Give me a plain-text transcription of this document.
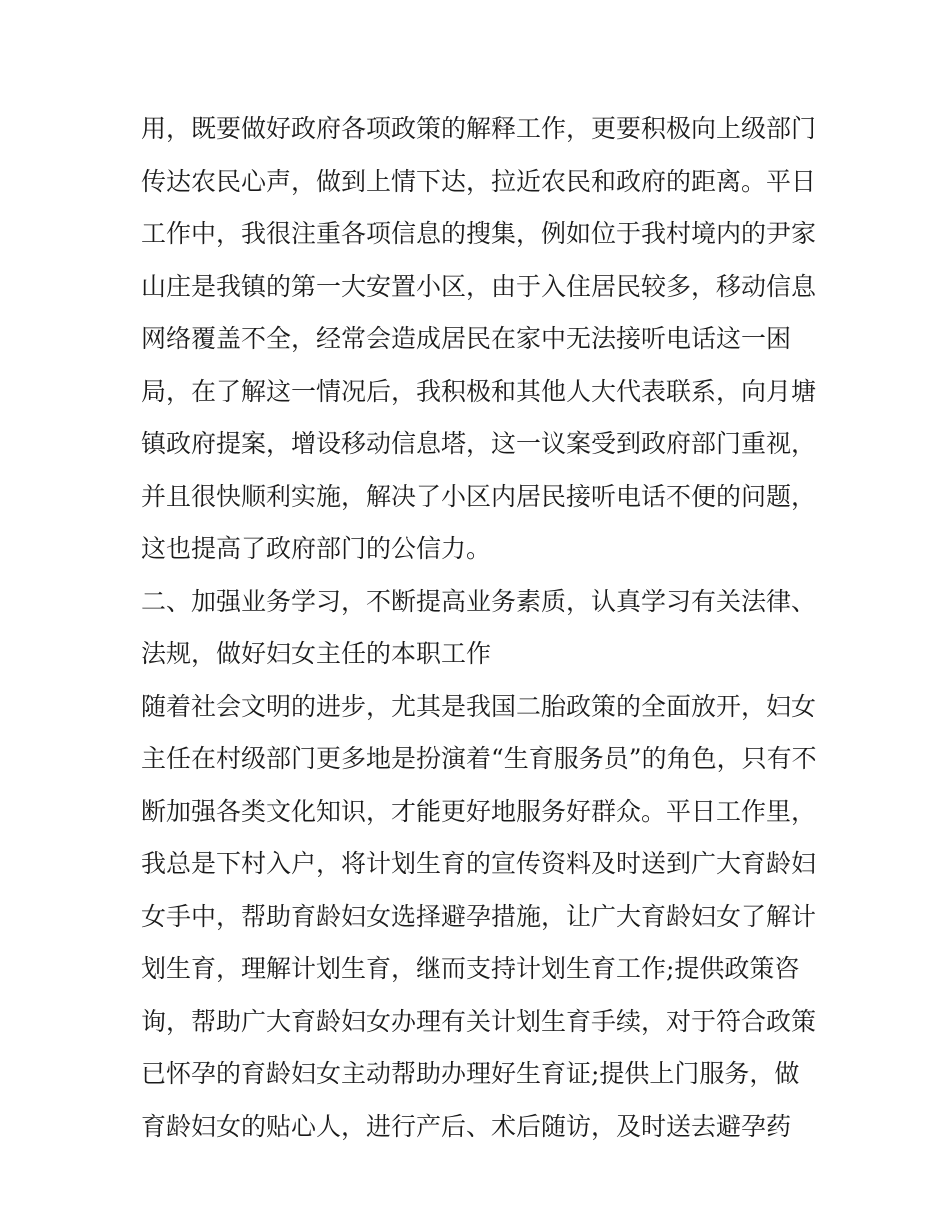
用，既要做好政府各项政策的解释工作，更要积极向上级部门
传达农民心声，做到上情下达，拉近农民和政府的距离。平日
工作中，我很注重各项信息的搜集，例如位于我村境内的尹家
山庄是我镇的第一大安置小区，由于入住居民较多，移动信息
网络覆盖不全，经常会造成居民在家中无法接听电话这一困
局，在了解这一情况后，我积极和其他人大代表联系，向月塘
镇政府提案，增设移动信息塔，这一议案受到政府部门重视，
并且很快顺利实施，解决了小区内居民接听电话不便的问题，
这也提高了政府部门的公信力。
二、加强业务学习，不断提高业务素质，认真学习有关法律、
法规，做好妇女主任的本职工作
随着社会文明的进步，尤其是我国二胎政策的全面放开，妇女
主任在村级部门更多地是扮演着“生育服务员”的角色，只有不
断加强各类文化知识，才能更好地服务好群众。平日工作里，
我总是下村入户，将计划生育的宣传资料及时送到广大育龄妇
女手中，帮助育龄妇女选择避孕措施，让广大育龄妇女了解计
划生育，理解计划生育，继而支持计划生育工作;提供政策咨
询，帮助广大育龄妇女办理有关计划生育手续，对于符合政策
已怀孕的育龄妇女主动帮助办理好生育证;提供上门服务，做
育龄妇女的贴心人，进行产后、术后随访，及时送去避孕药
